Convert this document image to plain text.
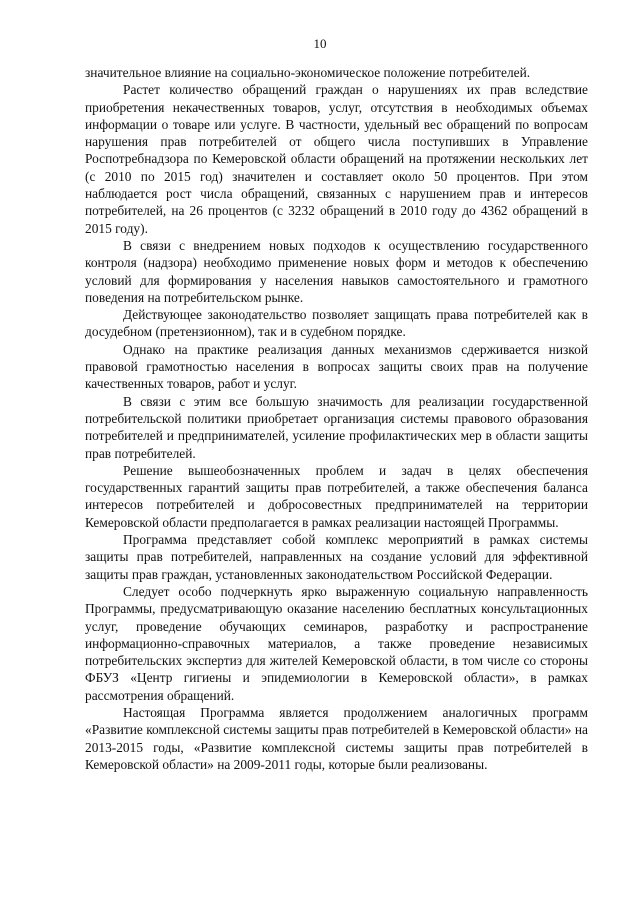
10

значительное влияние на социально-экономическое положение потребителей.

Растет количество обращений граждан о нарушениях их прав вследствие приобретения некачественных товаров, услуг, отсутствия в необходимых объемах информации о товаре или услуге. В частности, удельный вес обращений по вопросам нарушения прав потребителей от общего числа поступивших в Управление Роспотребнадзора по Кемеровской области обращений на протяжении нескольких лет (с 2010 по 2015 год) значителен и составляет около 50 процентов. При этом наблюдается рост числа обращений, связанных с нарушением прав и интересов потребителей, на 26 процентов (с 3232 обращений в 2010 году до 4362 обращений в 2015 году).

В связи с внедрением новых подходов к осуществлению государственного контроля (надзора) необходимо применение новых форм и методов к обеспечению условий для формирования у населения навыков самостоятельного и грамотного поведения на потребительском рынке.

Действующее законодательство позволяет защищать права потребителей как в досудебном (претензионном), так и в судебном порядке.

Однако на практике реализация данных механизмов сдерживается низкой правовой грамотностью населения в вопросах защиты своих прав на получение качественных товаров, работ и услуг.

В связи с этим все большую значимость для реализации государственной потребительской политики приобретает организация системы правового образования потребителей и предпринимателей, усиление профилактических мер в области защиты прав потребителей.

Решение вышеобозначенных проблем и задач в целях обеспечения государственных гарантий защиты прав потребителей, а также обеспечения баланса интересов потребителей и добросовестных предпринимателей на территории Кемеровской области предполагается в рамках реализации настоящей Программы.

Программа представляет собой комплекс мероприятий в рамках системы защиты прав потребителей, направленных на создание условий для эффективной защиты прав граждан, установленных законодательством Российской Федерации.

Следует особо подчеркнуть ярко выраженную социальную направленность Программы, предусматривающую оказание населению бесплатных консультационных услуг, проведение обучающих семинаров, разработку и распространение информационно-справочных материалов, а также проведение независимых потребительских экспертиз для жителей Кемеровской области, в том числе со стороны ФБУЗ «Центр гигиены и эпидемиологии в Кемеровской области», в рамках рассмотрения обращений.

Настоящая Программа является продолжением аналогичных программ «Развитие комплексной системы защиты прав потребителей в Кемеровской области» на 2013-2015 годы, «Развитие комплексной системы защиты прав потребителей в Кемеровской области» на 2009-2011 годы, которые были реализованы.
